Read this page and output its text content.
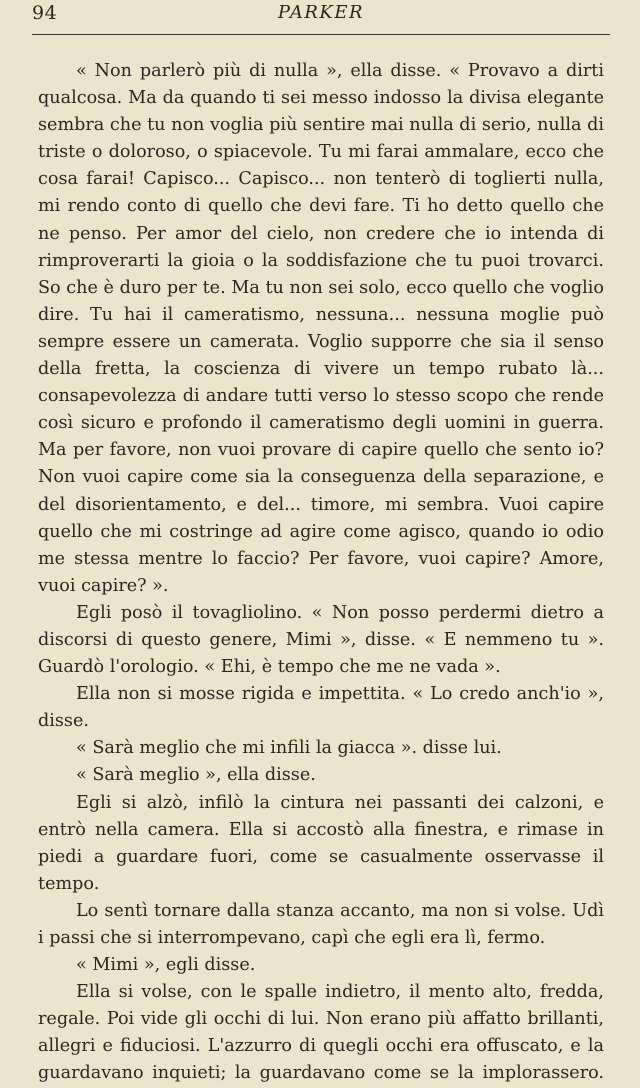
94	PARKER

« Non parlerò più di nulla », ella disse. « Provavo a dirti qualcosa. Ma da quando ti sei messo indosso la divisa elegante sembra che tu non voglia più sentire mai nulla di serio, nulla di triste o doloroso, o spiacevole. Tu mi farai ammalare, ecco che cosa farai! Capisco... Capisco... non tenterò di toglierti nulla, mi rendo conto di quello che devi fare. Ti ho detto quello che ne penso. Per amor del cielo, non credere che io intenda di rimproverarti la gioia o la soddisfazione che tu puoi trovarci. So che è duro per te. Ma tu non sei solo, ecco quello che voglio dire. Tu hai il cameratismo, nessuna... nessuna moglie può sempre essere un camerata. Voglio supporre che sia il senso della fretta, la coscienza di vivere un tempo rubato là... consapevolezza di andare tutti verso lo stesso scopo che rende così sicuro e profondo il cameratismo degli uomini in guerra. Ma per favore, non vuoi provare di capire quello che sento io? Non vuoi capire come sia la conseguenza della separazione, e del disorientamento, e del... timore, mi sembra. Vuoi capire quello che mi costringe ad agire come agisco, quando io odio me stessa mentre lo faccio? Per favore, vuoi capire? Amore, vuoi capire? ».

Egli posò il tovagliolino. « Non posso perdermi dietro a discorsi di questo genere, Mimi », disse. « E nemmeno tu ». Guardò l'orologio. « Ehi, è tempo che me ne vada ».

Ella non si mosse rigida e impettita. « Lo credo anch'io », disse.

« Sarà meglio che mi infili la giacca ». disse lui.

« Sarà meglio », ella disse.

Egli si alzò, infilò la cintura nei passanti dei calzoni, e entrò nella camera. Ella si accostò alla finestra, e rimase in piedi a guardare fuori, come se casualmente osservasse il tempo.

Lo sentì tornare dalla stanza accanto, ma non si volse. Udì i passi che si interrompevano, capì che egli era lì, fermo.

« Mimi », egli disse.

Ella si volse, con le spalle indietro, il mento alto, fredda, regale. Poi vide gli occhi di lui. Non erano più affatto brillanti, allegri e fiduciosi. L'azzurro di quegli occhi era offuscato, e la guardavano inquieti; la guardavano come se la implorassero.
